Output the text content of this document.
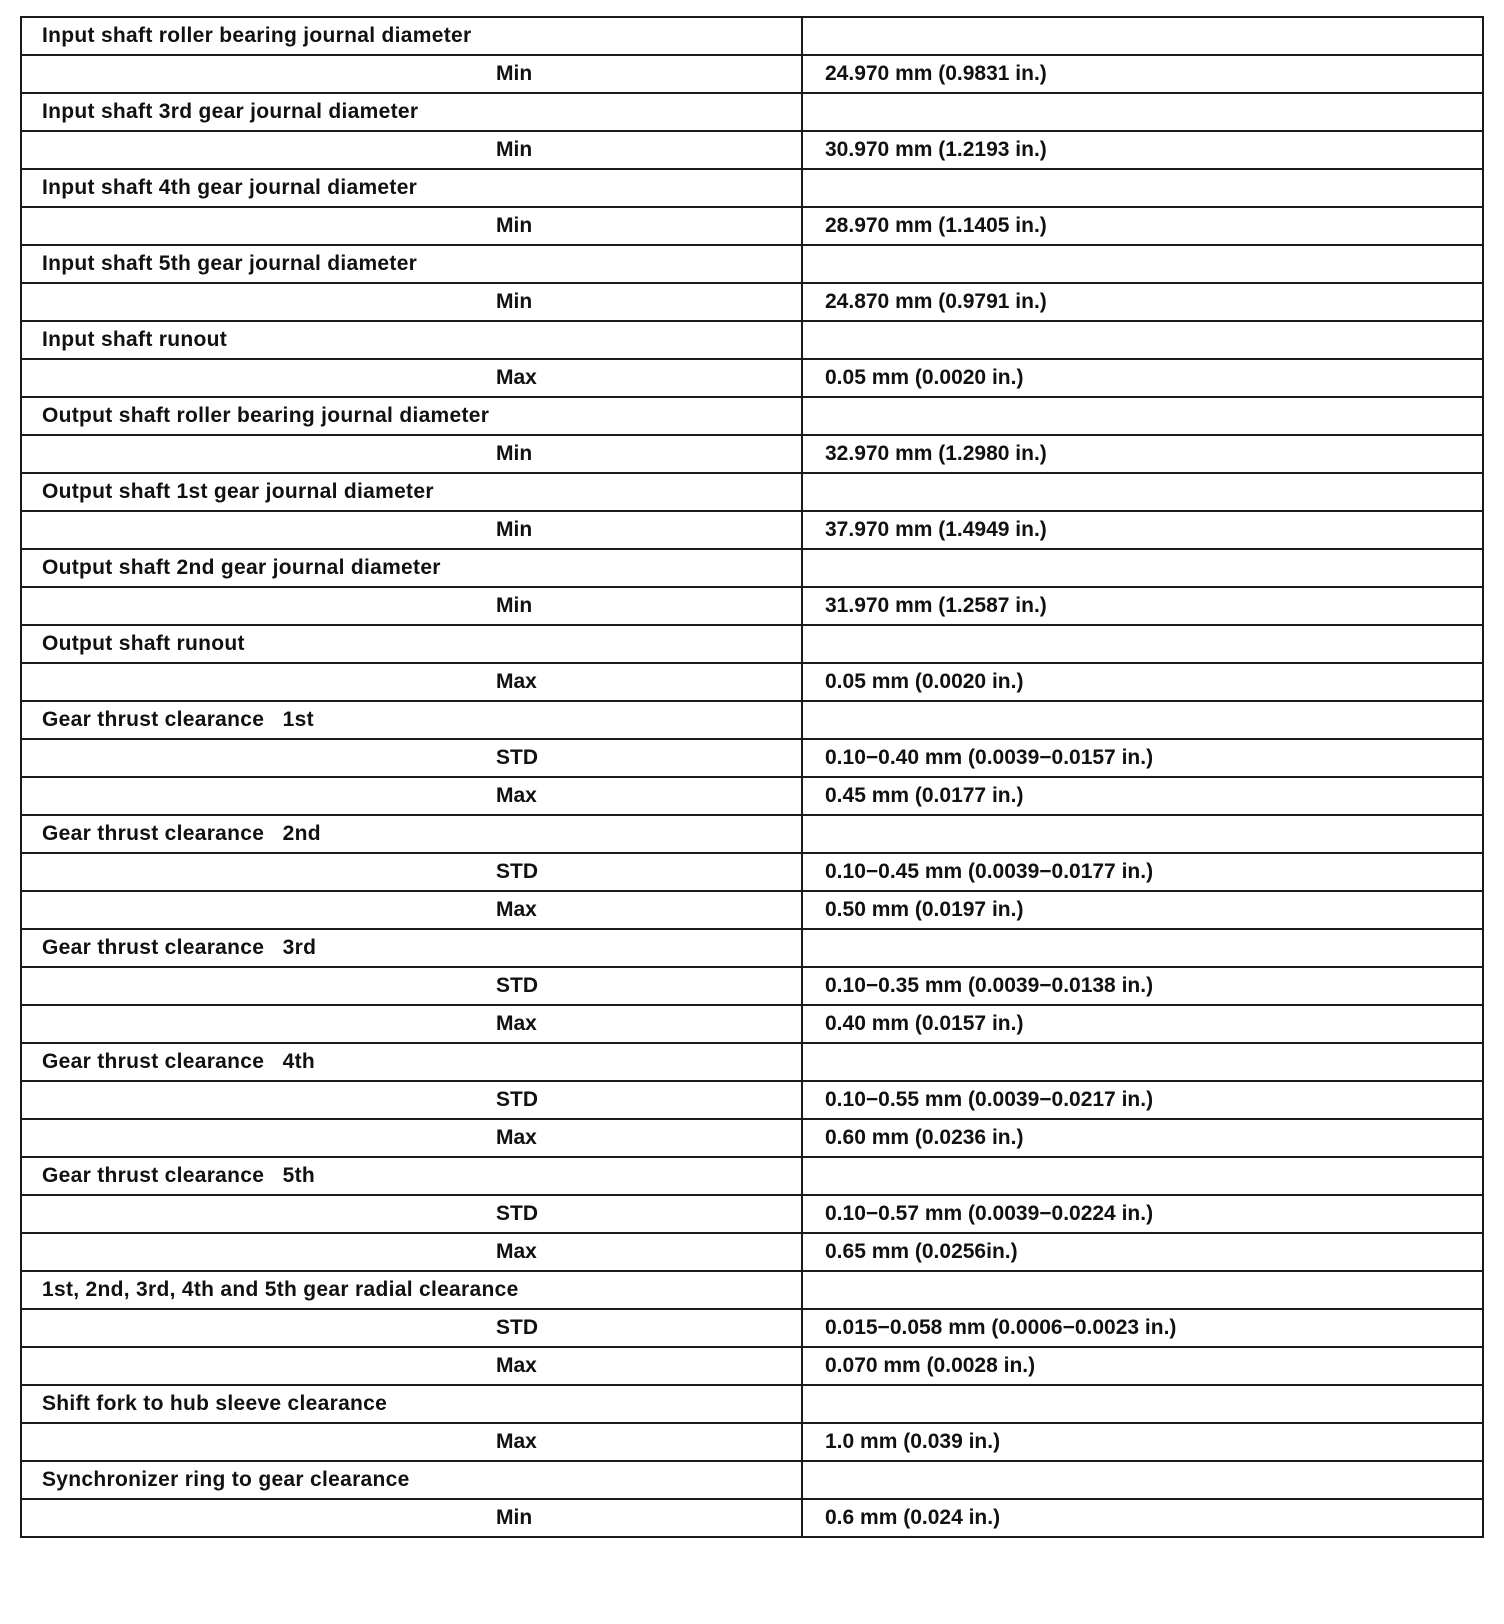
Input shaft roller bearing journal diameter	
Min	24.970 mm (0.9831 in.)
Input shaft 3rd gear journal diameter	
Min	30.970 mm (1.2193 in.)
Input shaft 4th gear journal diameter	
Min	28.970 mm (1.1405 in.)
Input shaft 5th gear journal diameter	
Min	24.870 mm (0.9791 in.)
Input shaft runout	
Max	0.05 mm (0.0020 in.)
Output shaft roller bearing journal diameter	
Min	32.970 mm (1.2980 in.)
Output shaft 1st gear journal diameter	
Min	37.970 mm (1.4949 in.)
Output shaft 2nd gear journal diameter	
Min	31.970 mm (1.2587 in.)
Output shaft runout	
Max	0.05 mm (0.0020 in.)
Gear thrust clearance   1st	
STD	0.10−0.40 mm (0.0039−0.0157 in.)
Max	0.45 mm (0.0177 in.)
Gear thrust clearance   2nd	
STD	0.10−0.45 mm (0.0039−0.0177 in.)
Max	0.50 mm (0.0197 in.)
Gear thrust clearance   3rd	
STD	0.10−0.35 mm (0.0039−0.0138 in.)
Max	0.40 mm (0.0157 in.)
Gear thrust clearance   4th	
STD	0.10−0.55 mm (0.0039−0.0217 in.)
Max	0.60 mm (0.0236 in.)
Gear thrust clearance   5th	
STD	0.10−0.57 mm (0.0039−0.0224 in.)
Max	0.65 mm (0.0256in.)
1st, 2nd, 3rd, 4th and 5th gear radial clearance	
STD	0.015−0.058 mm (0.0006−0.0023 in.)
Max	0.070 mm (0.0028 in.)
Shift fork to hub sleeve clearance	
Max	1.0 mm (0.039 in.)
Synchronizer ring to gear clearance	
Min	0.6 mm (0.024 in.)
